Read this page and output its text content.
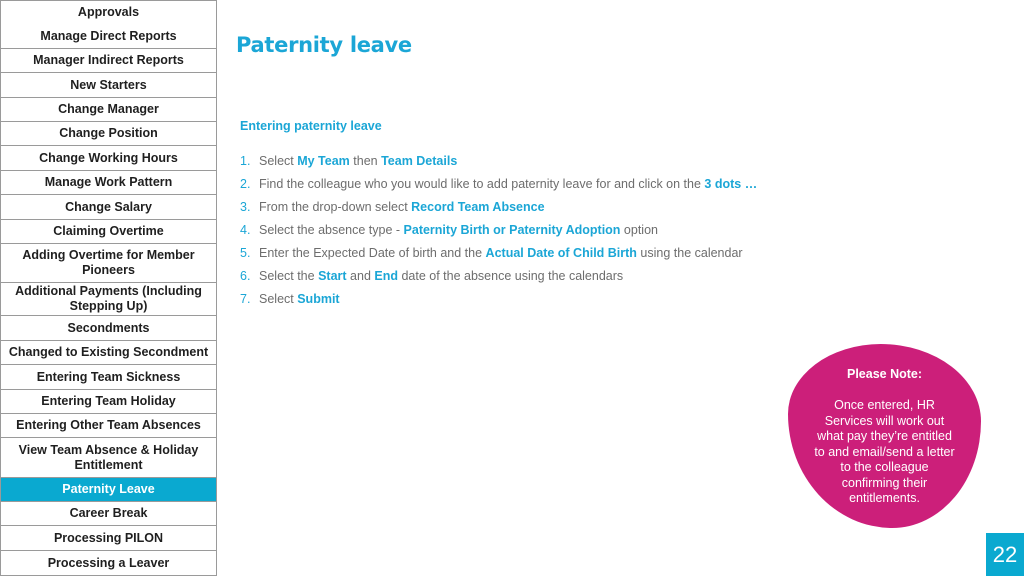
Approvals
Manage Direct Reports
Manager Indirect Reports
New Starters
Change Manager
Change Position
Change Working Hours
Manage Work Pattern
Change Salary
Claiming Overtime
Adding Overtime for Member Pioneers
Additional Payments (Including Stepping Up)
Secondments
Changed to Existing Secondment
Entering Team Sickness
Entering Team Holiday
Entering Other Team Absences
View Team Absence & Holiday Entitlement
Paternity Leave
Career Break
Processing PILON
Processing a Leaver
Paternity leave
Entering paternity leave
1. Select My Team then Team Details
2. Find the colleague who you would like to add paternity leave for and click on the 3 dots …
3. From the drop-down select Record Team Absence
4. Select the absence type - Paternity Birth or Paternity Adoption option
5. Enter the Expected Date of birth and the Actual Date of Child Birth using the calendar
6. Select the Start and End date of the absence using the calendars
7. Select Submit
Please Note:
Once entered, HR
Services will work out
what pay they’re entitled
to and email/send a letter
to the colleague
confirming their
entitlements.
22
